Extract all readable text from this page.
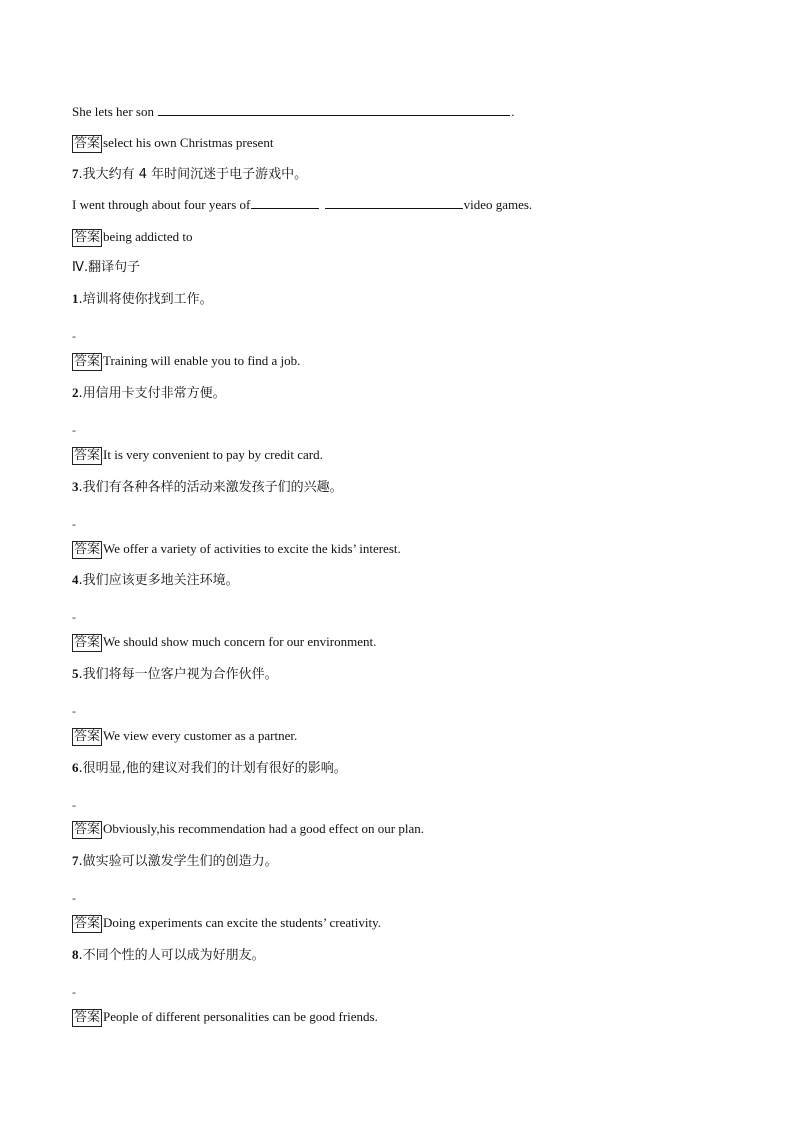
She lets her son	.
答案 select his own Christmas present
7.我大约有 4 年时间沉迷于电子游戏中。
I went through about four years of	video games.
答案 being addicted to
Ⅳ.翻译句子
1.培训将使你找到工作。
-
答案 Training will enable you to find a job.
2.用信用卡支付非常方便。
-
答案 It is very convenient to pay by credit card.
3.我们有各种各样的活动来激发孩子们的兴趣。
-
答案 We offer a variety of activities to excite the kids’ interest.
4.我们应该更多地关注环境。
-
答案 We should show much concern for our environment.
5.我们将每一位客户视为合作伙伴。
-
答案 We view every customer as a partner.
6.很明显,他的建议对我们的计划有很好的影响。
-
答案 Obviously,his recommendation had a good effect on our plan.
7.做实验可以激发学生们的创造力。
-
答案 Doing experiments can excite the students’ creativity.
8.不同个性的人可以成为好朋友。
-
答案 People of different personalities can be good friends.
